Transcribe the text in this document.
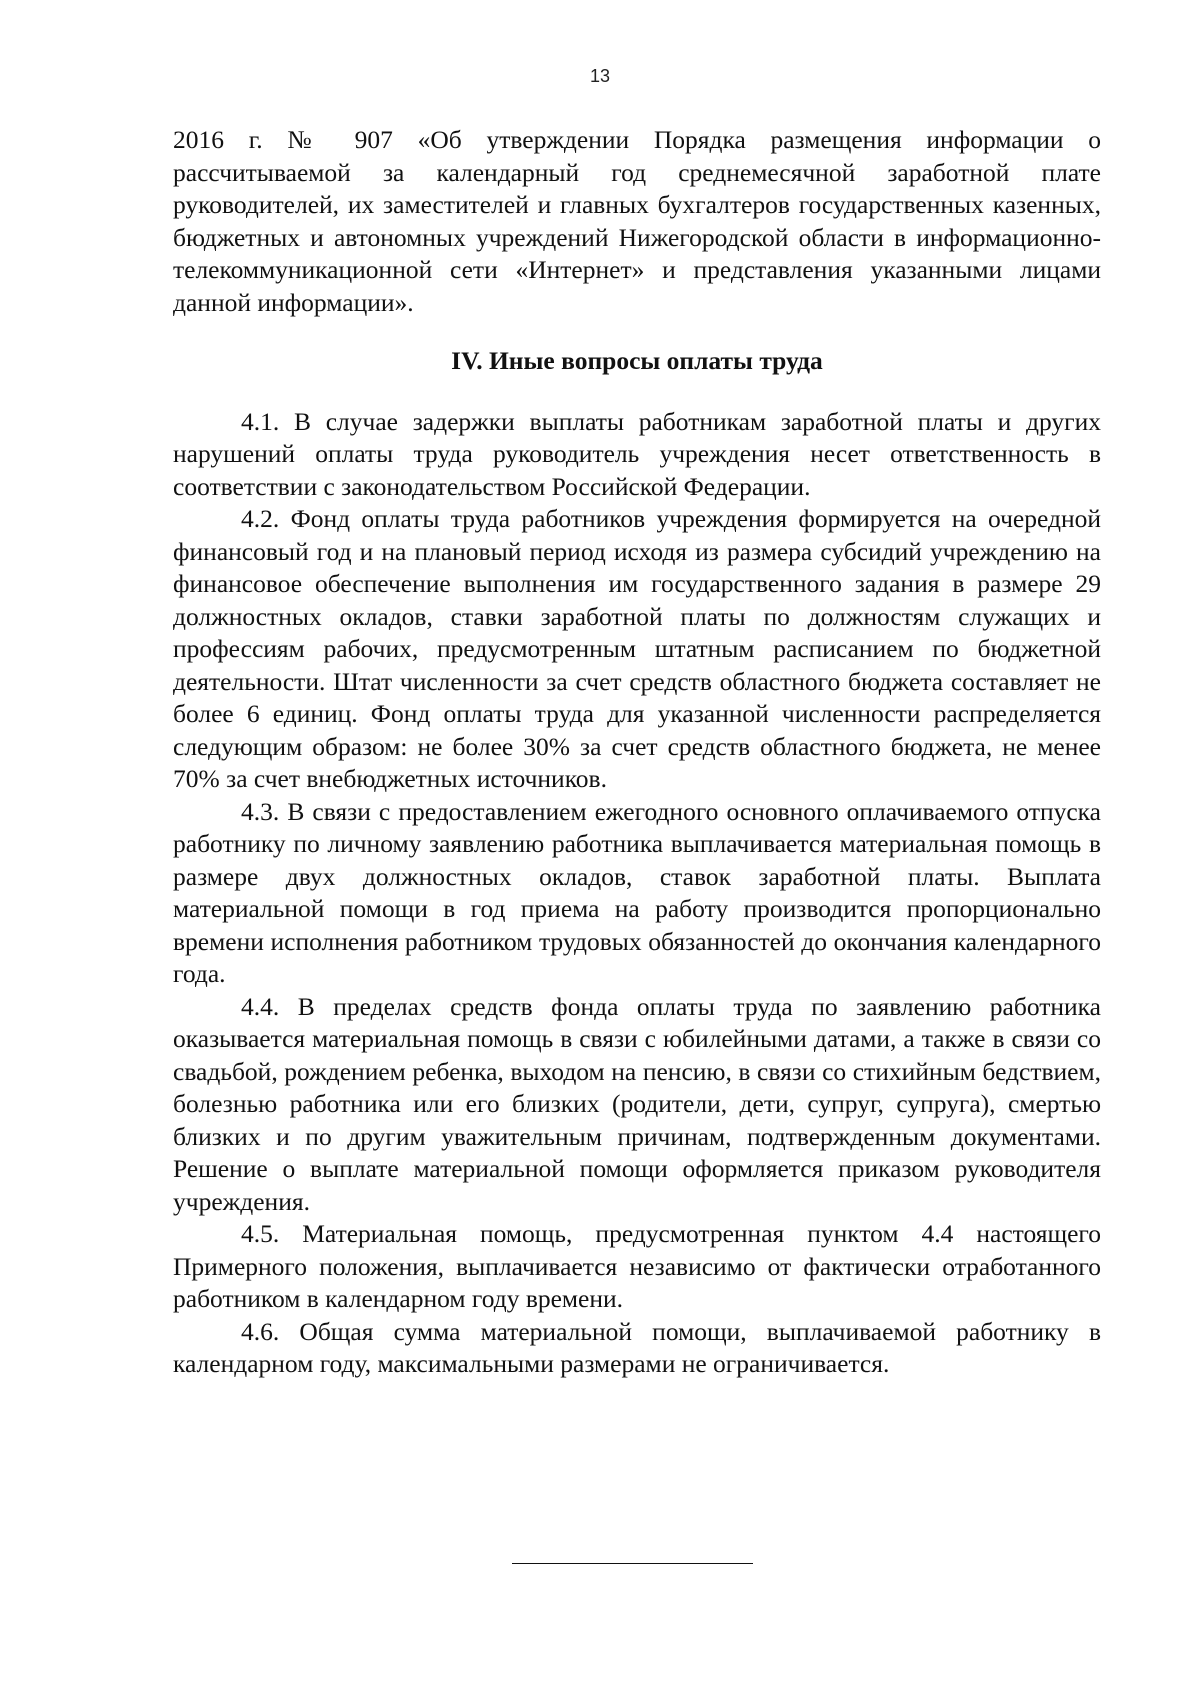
13

2016 г. № 907 «Об утверждении Порядка размещения информации о рассчитываемой за календарный год среднемесячной заработной плате руководителей, их заместителей и главных бухгалтеров государственных казенных, бюджетных и автономных учреждений Нижегородской области в информационно-телекоммуникационной сети «Интернет» и представления указанными лицами данной информации».

IV. Иные вопросы оплаты труда

4.1. В случае задержки выплаты работникам заработной платы и других нарушений оплаты труда руководитель учреждения несет ответственность в соответствии с законодательством Российской Федерации.

4.2. Фонд оплаты труда работников учреждения формируется на очередной финансовый год и на плановый период исходя из размера субсидий учреждению на финансовое обеспечение выполнения им государственного задания в размере 29 должностных окладов, ставки заработной платы по должностям служащих и профессиям рабочих, предусмотренным штатным расписанием по бюджетной деятельности. Штат численности за счет средств областного бюджета составляет не более 6 единиц. Фонд оплаты труда для указанной численности распределяется следующим образом: не более 30% за счет средств областного бюджета, не менее 70% за счет внебюджетных источников.

4.3. В связи с предоставлением ежегодного основного оплачиваемого отпуска работнику по личному заявлению работника выплачивается материальная помощь в размере двух должностных окладов, ставок заработной платы. Выплата материальной помощи в год приема на работу производится пропорционально времени исполнения работником трудовых обязанностей до окончания календарного года.

4.4. В пределах средств фонда оплаты труда по заявлению работника оказывается материальная помощь в связи с юбилейными датами, а также в связи со свадьбой, рождением ребенка, выходом на пенсию, в связи со стихийным бедствием, болезнью работника или его близких (родители, дети, супруг, супруга), смертью близких и по другим уважительным причинам, подтвержденным документами. Решение о выплате материальной помощи оформляется приказом руководителя учреждения.

4.5. Материальная помощь, предусмотренная пунктом 4.4 настоящего Примерного положения, выплачивается независимо от фактически отработанного работником в календарном году времени.

4.6. Общая сумма материальной помощи, выплачиваемой работнику в календарном году, максимальными размерами не ограничивается.
